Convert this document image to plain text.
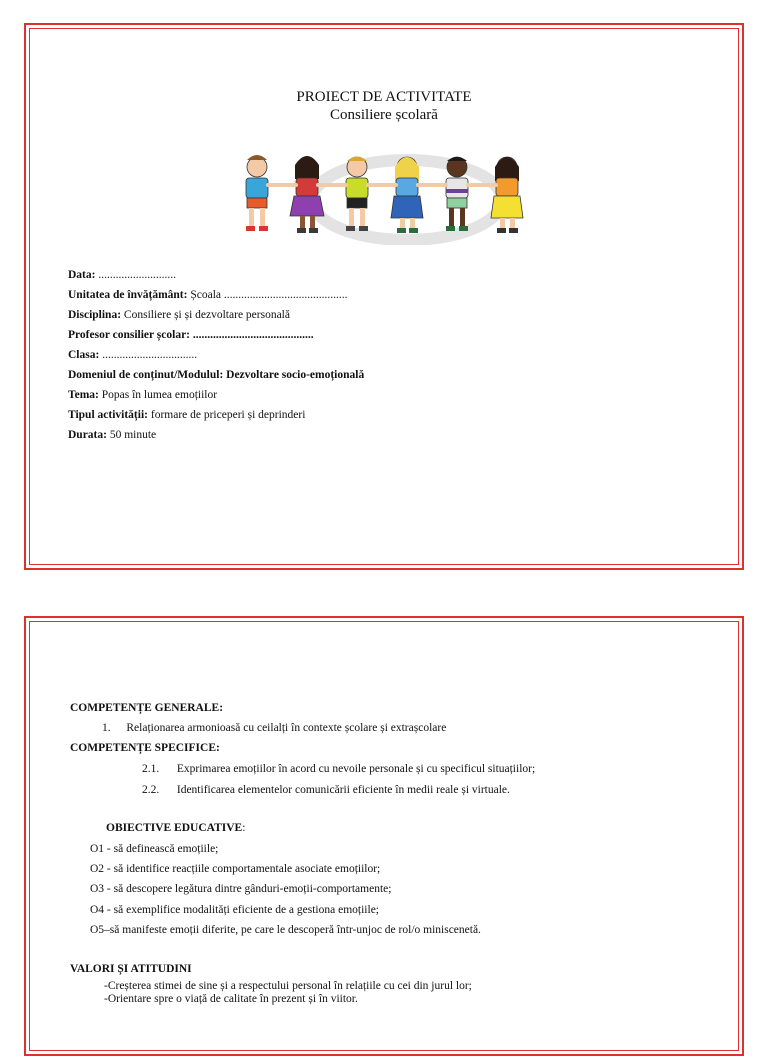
PROIECT DE ACTIVITATE
Consiliere școlară
Data: ...........................
Unitatea de învățământ: Școala ...........................................
Disciplina: Consiliere și și dezvoltare personală
Profesor consilier școlar: ..........................................
Clasa: .................................
Domeniul de conținut/Modulul: Dezvoltare socio-emoțională
Tema: Popas în lumea emoțiilor
Tipul activității: formare de priceperi și deprinderi
Durata: 50 minute
COMPETENȚE GENERALE:
1. Relaționarea armonioasă cu ceilalți în contexte școlare și extrașcolare
COMPETENȚE SPECIFICE:
2.1. Exprimarea emoțiilor în acord cu nevoile personale și cu specificul situațiilor;
2.2. Identificarea elementelor comunicării eficiente în medii reale și virtuale.
OBIECTIVE EDUCATIVE:
O1 - să definească emoțiile;
O2 - să identifice reacțiile comportamentale asociate emoțiilor;
O3 - să descopere legătura dintre gânduri-emoții-comportamente;
O4 - să exemplifice modalități eficiente de a gestiona emoțiile;
O5–să manifeste emoții diferite, pe care le descoperă într-unjoc de rol/o miniscenetă.
VALORI ȘI ATITUDINI
-Creșterea stimei de sine și a respectului personal în relațiile cu cei din jurul lor;
-Orientare spre o viață de calitate în prezent și în viitor.
